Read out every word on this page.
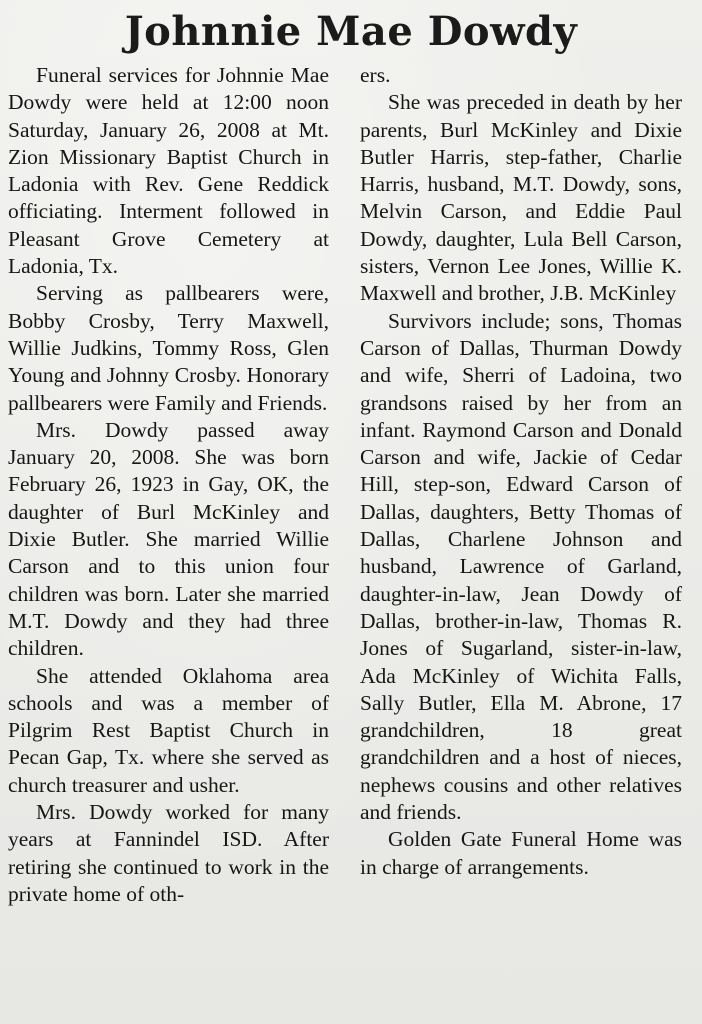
Johnnie Mae Dowdy

Funeral services for Johnnie Mae Dowdy were held at 12:00 noon Saturday, January 26, 2008 at Mt. Zion Missionary Baptist Church in Ladonia with Rev. Gene Reddick officiating. Interment followed in Pleasant Grove Cemetery at Ladonia, Tx.

Serving as pallbearers were, Bobby Crosby, Terry Maxwell, Willie Judkins, Tommy Ross, Glen Young and Johnny Crosby. Honorary pallbearers were Family and Friends.

Mrs. Dowdy passed away January 20, 2008. She was born February 26, 1923 in Gay, OK, the daughter of Burl McKinley and Dixie Butler. She married Willie Carson and to this union four children was born. Later she married M.T. Dowdy and they had three children.

She attended Oklahoma area schools and was a member of Pilgrim Rest Baptist Church in Pecan Gap, Tx. where she served as church treasurer and usher.

Mrs. Dowdy worked for many years at Fannindel ISD. After retiring she continued to work in the private home of oth-

ers.

She was preceded in death by her parents, Burl McKinley and Dixie Butler Harris, step-father, Charlie Harris, husband, M.T. Dowdy, sons, Melvin Carson, and Eddie Paul Dowdy, daughter, Lula Bell Carson, sisters, Vernon Lee Jones, Willie K. Maxwell and brother, J.B. McKinley

Survivors include; sons, Thomas Carson of Dallas, Thurman Dowdy and wife, Sherri of Ladoina, two grandsons raised by her from an infant. Raymond Carson and Donald Carson and wife, Jackie of Cedar Hill, step-son, Edward Carson of Dallas, daughters, Betty Thomas of Dallas, Charlene Johnson and husband, Lawrence of Garland, daughter-in-law, Jean Dowdy of Dallas, brother-in-law, Thomas R. Jones of Sugarland, sister-in-law, Ada McKinley of Wichita Falls, Sally Butler, Ella M. Abrone, 17 grandchildren, 18 great grandchildren and a host of nieces, nephews cousins and other relatives and friends.

Golden Gate Funeral Home was in charge of arrangements.
